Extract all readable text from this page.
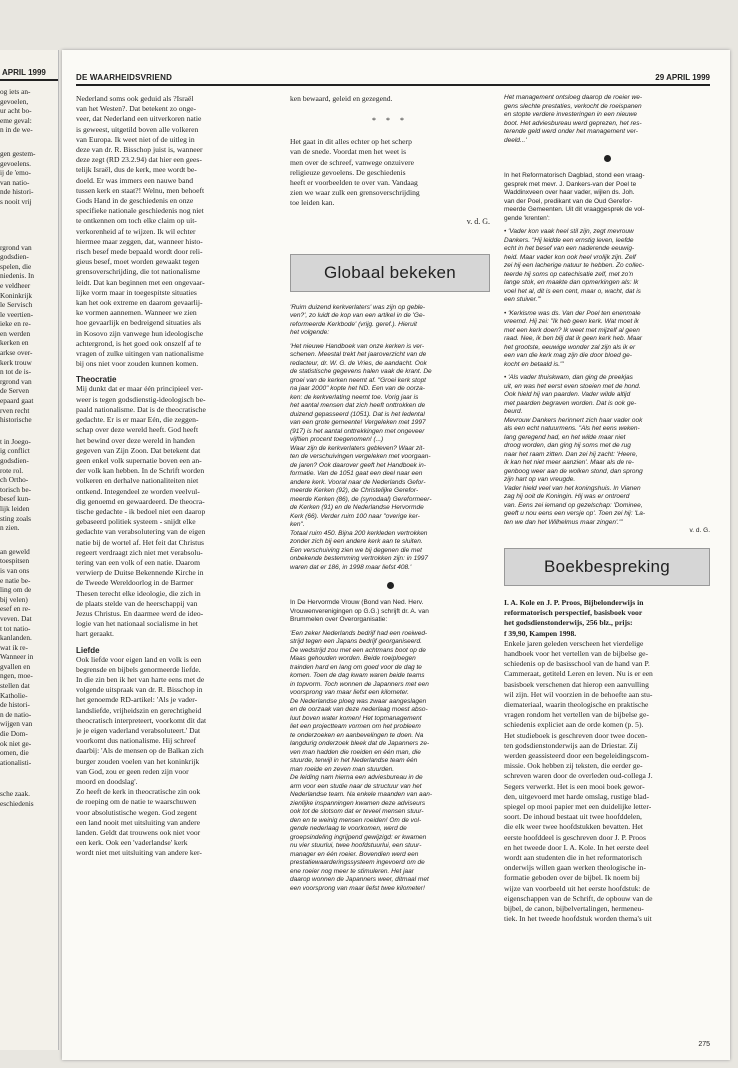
APRIL 1999
og iets an-
gevoelen,
ur acht bo-
eme geval:
n in de we-
gen gestem-
gevoelens.
ij de 'emo-
van natio-
nde histori-
s nooit vrij
rgrond van
godsdien-
spelen, die
niedenis. In
e veldheer
Koninkrijk
le Servisch
le veertien-
ieke en re-
en werden
kerken en
arkse over-
kerk trouw
n tot de is-
rgrond van
de Serven
epaard gaat
rven recht
historische
t in Joego-
ig conflict
godsdien-
rote rol.
ch Ortho-
torisch be-
besef kun-
lijk leiden
sting zoals
n zien.
an geweld
toespitsen
is van ons
e natie be-
ling om de
bij velen)
esef en re-
veven. Dat
t tot natio-
kanlanden.
wat ik re-
Wanneer in
gvallen en
ngen, moe-
stellen dat
Katholie-
de histori-
n de natio-
wijgen van
die Dom-
ok niet ge-
omen, die
ationalisti-
sche zaak.
eschiedenis
DE WAARHEIDSVRIEND	29 APRIL 1999
Nederland soms ook geduid als ?Israël
van het Westen?. Dat betekent zo onge-
veer, dat Nederland een uitverkoren natie
is geweest, uitgetild boven alle volkeren
van Europa. Ik weet niet of de uitleg in
deze van dr. R. Bisschop juist is, wanneer
deze zegt (RD 23.2.94) dat hier een gees-
telijk Israël, dus de kerk, mee wordt be-
doeld. Er was immers een nauwe band
tussen kerk en staat?! Welnu, men behoeft
Gods Hand in de geschiedenis en onze
specifieke nationale geschiedenis nog niet
te ontkennen om toch elke claim op uit-
verkorenheid af te wijzen. Ik wil echter
hiermee maar zeggen, dat, wanneer histo-
risch besef mede bepaald wordt door reli-
gieus besef, moet worden gewaakt tegen
grensoverschrijding, die tot nationalisme
leidt. Dat kan beginnen met een ongevaar-
lijke vorm maar in toegespitste situaties
kan het ook extreme en daarom gevaarlij-
ke vormen aannemen. Wanneer we zien
hoe gevaarlijk en bedreigend situaties als
in Kosovo zijn vanwege hun ideologische
achtergrond, is het goed ook onszelf af te
vragen of zulke uitingen van nationalisme
bij ons niet voor zouden kunnen komen.
Theocratie
Mij dunkt dat er maar één principieel ver-
weer is tegen godsdienstig-ideologisch be-
paald nationalisme. Dat is de theocratische
gedachte. Er is er maar Eén, die zeggen-
schap over deze wereld heeft. God heeft
het bewind over deze wereld in handen
gegeven van Zijn Zoon. Dat betekent dat
geen enkel volk supernatie boven een an-
der volk kan hebben. In de Schrift worden
volkeren en derhalve nationaliteiten niet
ontkend. Integendeel ze worden veelvul-
dig genoemd en gewaardeerd. De theocra-
tische gedachte - ik bedoel niet een daarop
gebaseerd politiek systeem - snijdt elke
gedachte van verabsolutering van de eigen
natie bij de wortel af. Het feit dat Christus
regeert verdraagt zich niet met verabsolu-
tering van een volk of een natie. Daarom
verwierp de Duitse Bekennende Kirche in
de Tweede Wereldoorlog in de Barmer
Thesen terecht elke ideologie, die zich in
de plaats stelde van de heerschappij van
Jezus Christus. En daarmee werd de ideo-
logie van het nationaal socialisme in het
hart geraakt.
Liefde
Ook liefde voor eigen land en volk is een
begrensde en bijbels genormeerde liefde.
In die zin ben ik het van harte eens met de
volgende uitspraak van dr. R. Bisschop in
het genoemde RD-artikel: 'Als je vader-
landsliefde, vrijheidszin en gerechtigheid
theocratisch interpreteert, voorkomt dit dat
je je eigen vaderland verabsoluteert.' Dat
voorkomt dus nationalisme. Hij schreef
daarbij: 'Als de mensen op de Balkan zich
burger zouden voelen van het koninkrijk
van God, zou er geen reden zijn voor
moord en doodslag'.
Zo heeft de kerk in theocratische zin ook
de roeping om de natie te waarschuwen
voor absolutistische wegen. God zegent
een land nooit met uitsluiting van andere
landen. Geldt dat trouwens ook niet voor
een kerk. Ook een 'vaderlandse' kerk
wordt niet met uitsluiting van andere ker-
ken bewaard, geleid en gezegend.
* * *
Het gaat in dit alles echter op het scherp
van de snede. Voordat men het weet is
men over de schreef, vanwege onzuivere
religieuze gevoelens. De geschiedenis
heeft er voorbeelden te over van. Vandaag
zien we waar zulk een grensoverschrijding
toe leiden kan.
v. d. G.
Globaal bekeken
'Ruim duizend kerkverlaters' was zijn op geble-
ven?', zo luidt de kop van een artikel in de 'Ge-
reformeerde Kerkbode' (vrijg. geref.). Hieruit
het volgende:
'Het nieuwe Handboek van onze kerken is ver-
schenen. Meestal trekt het jaaroverzicht van de
redacteur, dr. W. G. de Vries, de aandacht. Ook
de statistische gegevens halen vaak de krant. De
groei van de kerken neemt af. "Groei kerk stopt
na jaar 2000" kopte het ND. Een van de oorza-
ken: de kerkverlating neemt toe. Vorig jaar is
het aantal mensen dat zich heeft onttrokken de
duizend gepasseerd (1051). Dat is het ledental
van een grote gemeente! Vergeleken met 1997
(917) is het aantal onttrekkingen met ongeveer
vijftien procent toegenomen! (...)
Waar zijn de kerkverlaters gebleven? Waar zit-
ten de verschuivingen vergeleken met voorgaan-
de jaren? Ook daarover geeft het Handboek in-
formatie. Van de 1051 gaat een deel naar een
andere kerk. Vooral naar de Nederlands Gefor-
meerde Kerken (92), de Christelijke Gerefor-
meerde Kerken (86), de (synodaal) Gereformeer-
de Kerken (91) en de Nederlandse Hervormde
Kerk (66). Verder ruim 100 naar "overige ker-
ken".
Totaal ruim 450. Bijna 200 kerkleden vertrokken
zonder zich bij een andere kerk aan te sluiten.
Een verschuiving zien we bij degenen die met
onbekende bestemming vertrokken zijn: in 1997
waren dat er 186, in 1998 maar liefst 408.'
In De Hervormde Vrouw (Bond van Ned. Herv.
Vrouwenverenigingen op G.G.) schrijft dr. A. van
Brummelen over Overorganisatie:
'Een zeker Nederlands bedrijf had een roeiwed-
strijd tegen een Japans bedrijf georganiseerd.
De wedstrijd zou met een achtmans boot op de
Maas gehouden worden. Beide roeiploegen
trainden hard en lang om goed voor de dag te
komen. Toen de dag kwam waren beide teams
in topvorm. Toch wonnen de Japanners met een
voorsprong van maar liefst een kilometer.
De Nederlandse ploeg was zwaar aangeslagen
en de oorzaak van deze nederlaag moest abso-
luut boven water komen! Het topmanagement
liet een projectteam vormen om het probleem
te onderzoeken en aanbevelingen te doen. Na
langdurig onderzoek bleek dat de Japanners ze-
ven man hadden die roeiden en één man, die
stuurde, terwijl in het Nederlandse team één
man roeide en zeven man stuurden.
De leiding nam hierna een adviesbureau in de
arm voor een studie naar de structuur van het
Nederlandse team. Na enkele maanden van aan-
zienlijke inspanningen kwamen deze adviseurs
ook tot de slotsom dat er teveel mensen stuur-
den en te weinig mensen roeiden! Om de vol-
gende nederlaag te voorkomen, werd de
groepsindeling ingrijpend gewijzigd: er kwamen
nu vier stuurlui, twee hoofdstuurlui, een stuur-
manager en één roeier. Bovendien werd een
prestatiewaarderingssysteem ingevoerd om de
ene roeier nog meer te stimuleren. Het jaar
daarop wonnen de Japanners weer, ditmaal met
een voorsprong van maar liefst twee kilometer!
Het management ontsloeg daarop de roeier we-
gens slechte prestaties, verkocht de roeispanen
en stopte verdere investeringen in een nieuwe
boot. Het adviesbureau werd geprezen, het res-
terende geld werd onder het management ver-
deeld...'
In het Reformatorisch Dagblad, stond een vraag-
gesprek met mevr. J. Dankers-van der Poel te
Waddinxveen over haar vader, wijlen ds. Joh.
van der Poel, predikant van de Oud Gerefor-
meerde Gemeenten. Uit dit vraaggesprek de vol-
gende 'krenten':
• 'Vader kon vaak heel stil zijn, zegt mevrouw
Dankers. "Hij leidde een ernstig leven, leefde
echt in het besef van een naderende eeuwig-
heid. Maar vader kon ook heel vrolijk zijn. Zelf
zei hij een lacherige natuur te hebben. Zo collec-
teerde hij soms op catechisatie zelf, met zo'n
lange stok, en maakte dan opmerkingen als: Ik
voel het al, dit is een cent, maar o, wacht, dat is
een stuiver."'
• 'Kerkisme was ds. Van der Poel ten enenmale
vreemd. Hij zei: "Ik heb geen kerk. Wat moet ik
met een kerk doen? Ik weet met mijzelf al geen
raad. Nee, ik ben blij dat ik geen kerk heb. Maar
het grootste, eeuwige wonder zal zijn als ik er
een van die kerk mag zijn die door bloed ge-
kocht en betaald is."'
• 'Als vader thuiskwam, dan ging de preekjas
uit, en was het eerst even stoeien met de hond.
Ook hield hij van paarden. Vader wilde altijd
met paarden begraven worden. Dat is ook ge-
beurd.
Mevrouw Dankers herinnert zich haar vader ook
als een echt natuurmens. "Als het eens weken-
lang geregend had, en het wilde maar niet
droog worden, dan ging hij soms met de rug
naar het raam zitten. Dan zei hij zacht: 'Heere,
ik kan het niet meer aanzien'. Maar als de re-
genboog weer aan de wolken stond, dan sprong
zijn hart op van vreugde.
Vader hield veel van het koningshuis. In Vianen
zag hij ooit de Koningin. Hij was er ontroerd
van. Eens zei iemand op gezelschap: 'Dominee,
geeft u nou eens een versje op'. Toen zei hij: 'La-
ten we dan het Wilhelmus maar zingen'."'
v. d. G.
Boekbespreking
I. A. Kole en J. P. Proos, Bijbelonderwijs in
reformatorisch perspectief, basisboek voor
het godsdienstonderwijs, 256 blz., prijs:
f 39,90, Kampen 1998.
Enkele jaren geleden verscheen het vierdelige
handboek voor het vertellen van de bijbelse ge-
schiedenis op de basisschool van de hand van P.
Cammeraat, getiteld Leren en leven. Nu is er een
basisboek verschenen dat hierop een aanvulling
wil zijn. Het wil voorzien in de behoefte aan stu-
diemateriaal, waarin theologische en praktische
vragen rondom het vertellen van de bijbelse ge-
schiedenis expliciet aan de orde komen (p. 5).
Het studieboek is geschreven door twee docen-
ten godsdienstonderwijs aan de Driestar. Zij
werden geassisteerd door een begeleidingscom-
missie. Ook hebben zij teksten, die eerder ge-
schreven waren door de overleden oud-collega J.
Segers verwerkt. Het is een mooi boek gewor-
den, uitgevoerd met harde omslag, rustige blad-
spiegel op mooi papier met een duidelijke letter-
soort. De inhoud bestaat uit twee hoofddelen,
die elk weer twee hoofdstukken bevatten. Het
eerste hoofddeel is geschreven door J. P. Proos
en het tweede door I. A. Kole. In het eerste deel
wordt aan studenten die in het reformatorisch
onderwijs willen gaan werken theologische in-
formatie geboden over de bijbel. Ik noem bij
wijze van voorbeeld uit het eerste hoofdstuk: de
eigenschappen van de Schrift, de opbouw van de
bijbel, de canon, bijbelvertalingen, hermeneu-
tiek. In het tweede hoofdstuk worden thema's uit
275
